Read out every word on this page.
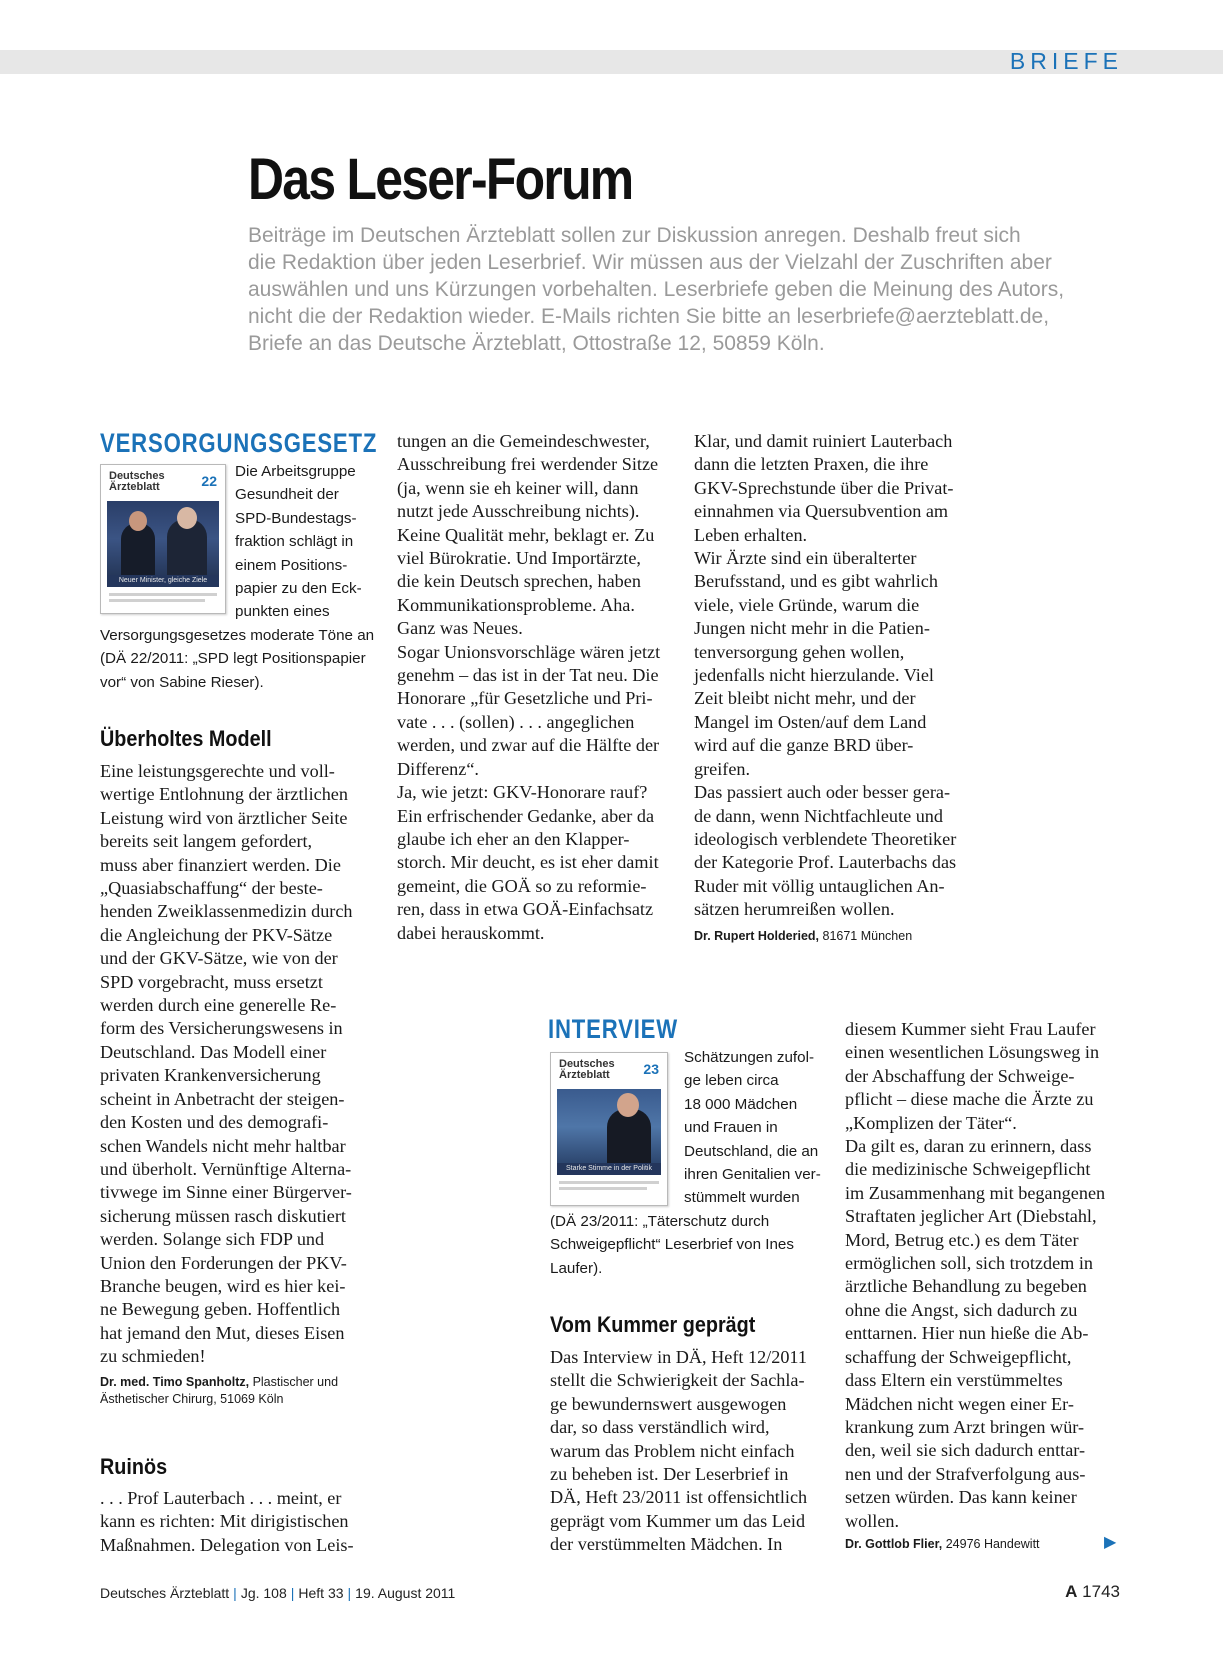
BRIEFE
Das Leser-Forum
Beiträge im Deutschen Ärzteblatt sollen zur Diskussion anregen. Deshalb freut sich
die Redaktion über jeden Leserbrief. Wir müssen aus der Vielzahl der Zuschriften aber
auswählen und uns Kürzungen vorbehalten. Leserbriefe geben die Meinung des Autors,
nicht die der Redaktion wieder. E-Mails richten Sie bitte an leserbriefe@aerzteblatt.de,
Briefe an das Deutsche Ärzteblatt, Ottostraße 12, 50859 Köln.
VERSORGUNGSGESETZ
Deutsches
Ärzteblatt	22
Neuer Minister, gleiche Ziele
Die Arbeitsgruppe
Gesundheit der
SPD-Bundestags-
fraktion schlägt in
einem Positions-
papier zu den Eck-
punkten eines
Versorgungsgesetzes moderate Töne an
(DÄ 22/2011: „SPD legt Positionspapier
vor“ von Sabine Rieser).
Überholtes Modell
Eine leistungsgerechte und voll-
wertige Entlohnung der ärztlichen
Leistung wird von ärztlicher Seite
bereits seit langem gefordert,
muss aber finanziert werden. Die
„Quasiabschaffung“ der beste-
henden Zweiklassenmedizin durch
die Angleichung der PKV-Sätze
und der GKV-Sätze, wie von der
SPD vorgebracht, muss ersetzt
werden durch eine generelle Re-
form des Versicherungswesens in
Deutschland. Das Modell einer
privaten Krankenversicherung
scheint in Anbetracht der steigen-
den Kosten und des demografi-
schen Wandels nicht mehr haltbar
und überholt. Vernünftige Alterna-
tivwege im Sinne einer Bürgerver-
sicherung müssen rasch diskutiert
werden. Solange sich FDP und
Union den Forderungen der PKV-
Branche beugen, wird es hier kei-
ne Bewegung geben. Hoffentlich
hat jemand den Mut, dieses Eisen
zu schmieden!
Dr. med. Timo Spanholtz, Plastischer und
Ästhetischer Chirurg, 51069 Köln
Ruinös
. . . Prof Lauterbach . . . meint, er
kann es richten: Mit dirigistischen
Maßnahmen. Delegation von Leis-
tungen an die Gemeindeschwester,
Ausschreibung frei werdender Sitze
(ja, wenn sie eh keiner will, dann
nutzt jede Ausschreibung nichts).
Keine Qualität mehr, beklagt er. Zu
viel Bürokratie. Und Importärzte,
die kein Deutsch sprechen, haben
Kommunikationsprobleme. Aha.
Ganz was Neues.
Sogar Unionsvorschläge wären jetzt
genehm – das ist in der Tat neu. Die
Honorare „für Gesetzliche und Pri-
vate . . . (sollen) . . . angeglichen
werden, und zwar auf die Hälfte der
Differenz“.
Ja, wie jetzt: GKV-Honorare rauf?
Ein erfrischender Gedanke, aber da
glaube ich eher an den Klapper-
storch. Mir deucht, es ist eher damit
gemeint, die GOÄ so zu reformie-
ren, dass in etwa GOÄ-Einfachsatz
dabei herauskommt.
Klar, und damit ruiniert Lauterbach
dann die letzten Praxen, die ihre
GKV-Sprechstunde über die Privat-
einnahmen via Quersubvention am
Leben erhalten.
Wir Ärzte sind ein überalterter
Berufsstand, und es gibt wahrlich
viele, viele Gründe, warum die
Jungen nicht mehr in die Patien-
tenversorgung gehen wollen,
jedenfalls nicht hierzulande. Viel
Zeit bleibt nicht mehr, und der
Mangel im Osten/auf dem Land
wird auf die ganze BRD über-
greifen.
Das passiert auch oder besser gera-
de dann, wenn Nichtfachleute und
ideologisch verblendete Theoretiker
der Kategorie Prof. Lauterbachs das
Ruder mit völlig untauglichen An-
sätzen herumreißen wollen.
Dr. Rupert Holderied, 81671 München
INTERVIEW
Deutsches
Ärzteblatt	23
Starke Stimme in der Politik
Schätzungen zufol-
ge leben circa
18 000 Mädchen
und Frauen in
Deutschland, die an
ihren Genitalien ver-
stümmelt wurden
(DÄ 23/2011: „Täterschutz durch
Schweigepflicht“ Leserbrief von Ines
Laufer).
Vom Kummer geprägt
Das Interview in DÄ, Heft 12/2011
stellt die Schwierigkeit der Sachla-
ge bewundernswert ausgewogen
dar, so dass verständlich wird,
warum das Problem nicht einfach
zu beheben ist. Der Leserbrief in
DÄ, Heft 23/2011 ist offensichtlich
geprägt vom Kummer um das Leid
der verstümmelten Mädchen. In
diesem Kummer sieht Frau Laufer
einen wesentlichen Lösungsweg in
der Abschaffung der Schweige-
pflicht – diese mache die Ärzte zu
„Komplizen der Täter“.
Da gilt es, daran zu erinnern, dass
die medizinische Schweigepflicht
im Zusammenhang mit begangenen
Straftaten jeglicher Art (Diebstahl,
Mord, Betrug etc.) es dem Täter
ermöglichen soll, sich trotzdem in
ärztliche Behandlung zu begeben
ohne die Angst, sich dadurch zu
enttarnen. Hier nun hieße die Ab-
schaffung der Schweigepflicht,
dass Eltern ein verstümmeltes
Mädchen nicht wegen einer Er-
krankung zum Arzt bringen wür-
den, weil sie sich dadurch enttar-
nen und der Strafverfolgung aus-
setzen würden. Das kann keiner
wollen.
Dr. Gottlob Flier, 24976 Handewitt	▶
Deutsches Ärzteblatt | Jg. 108 | Heft 33 | 19. August 2011	A 1743
